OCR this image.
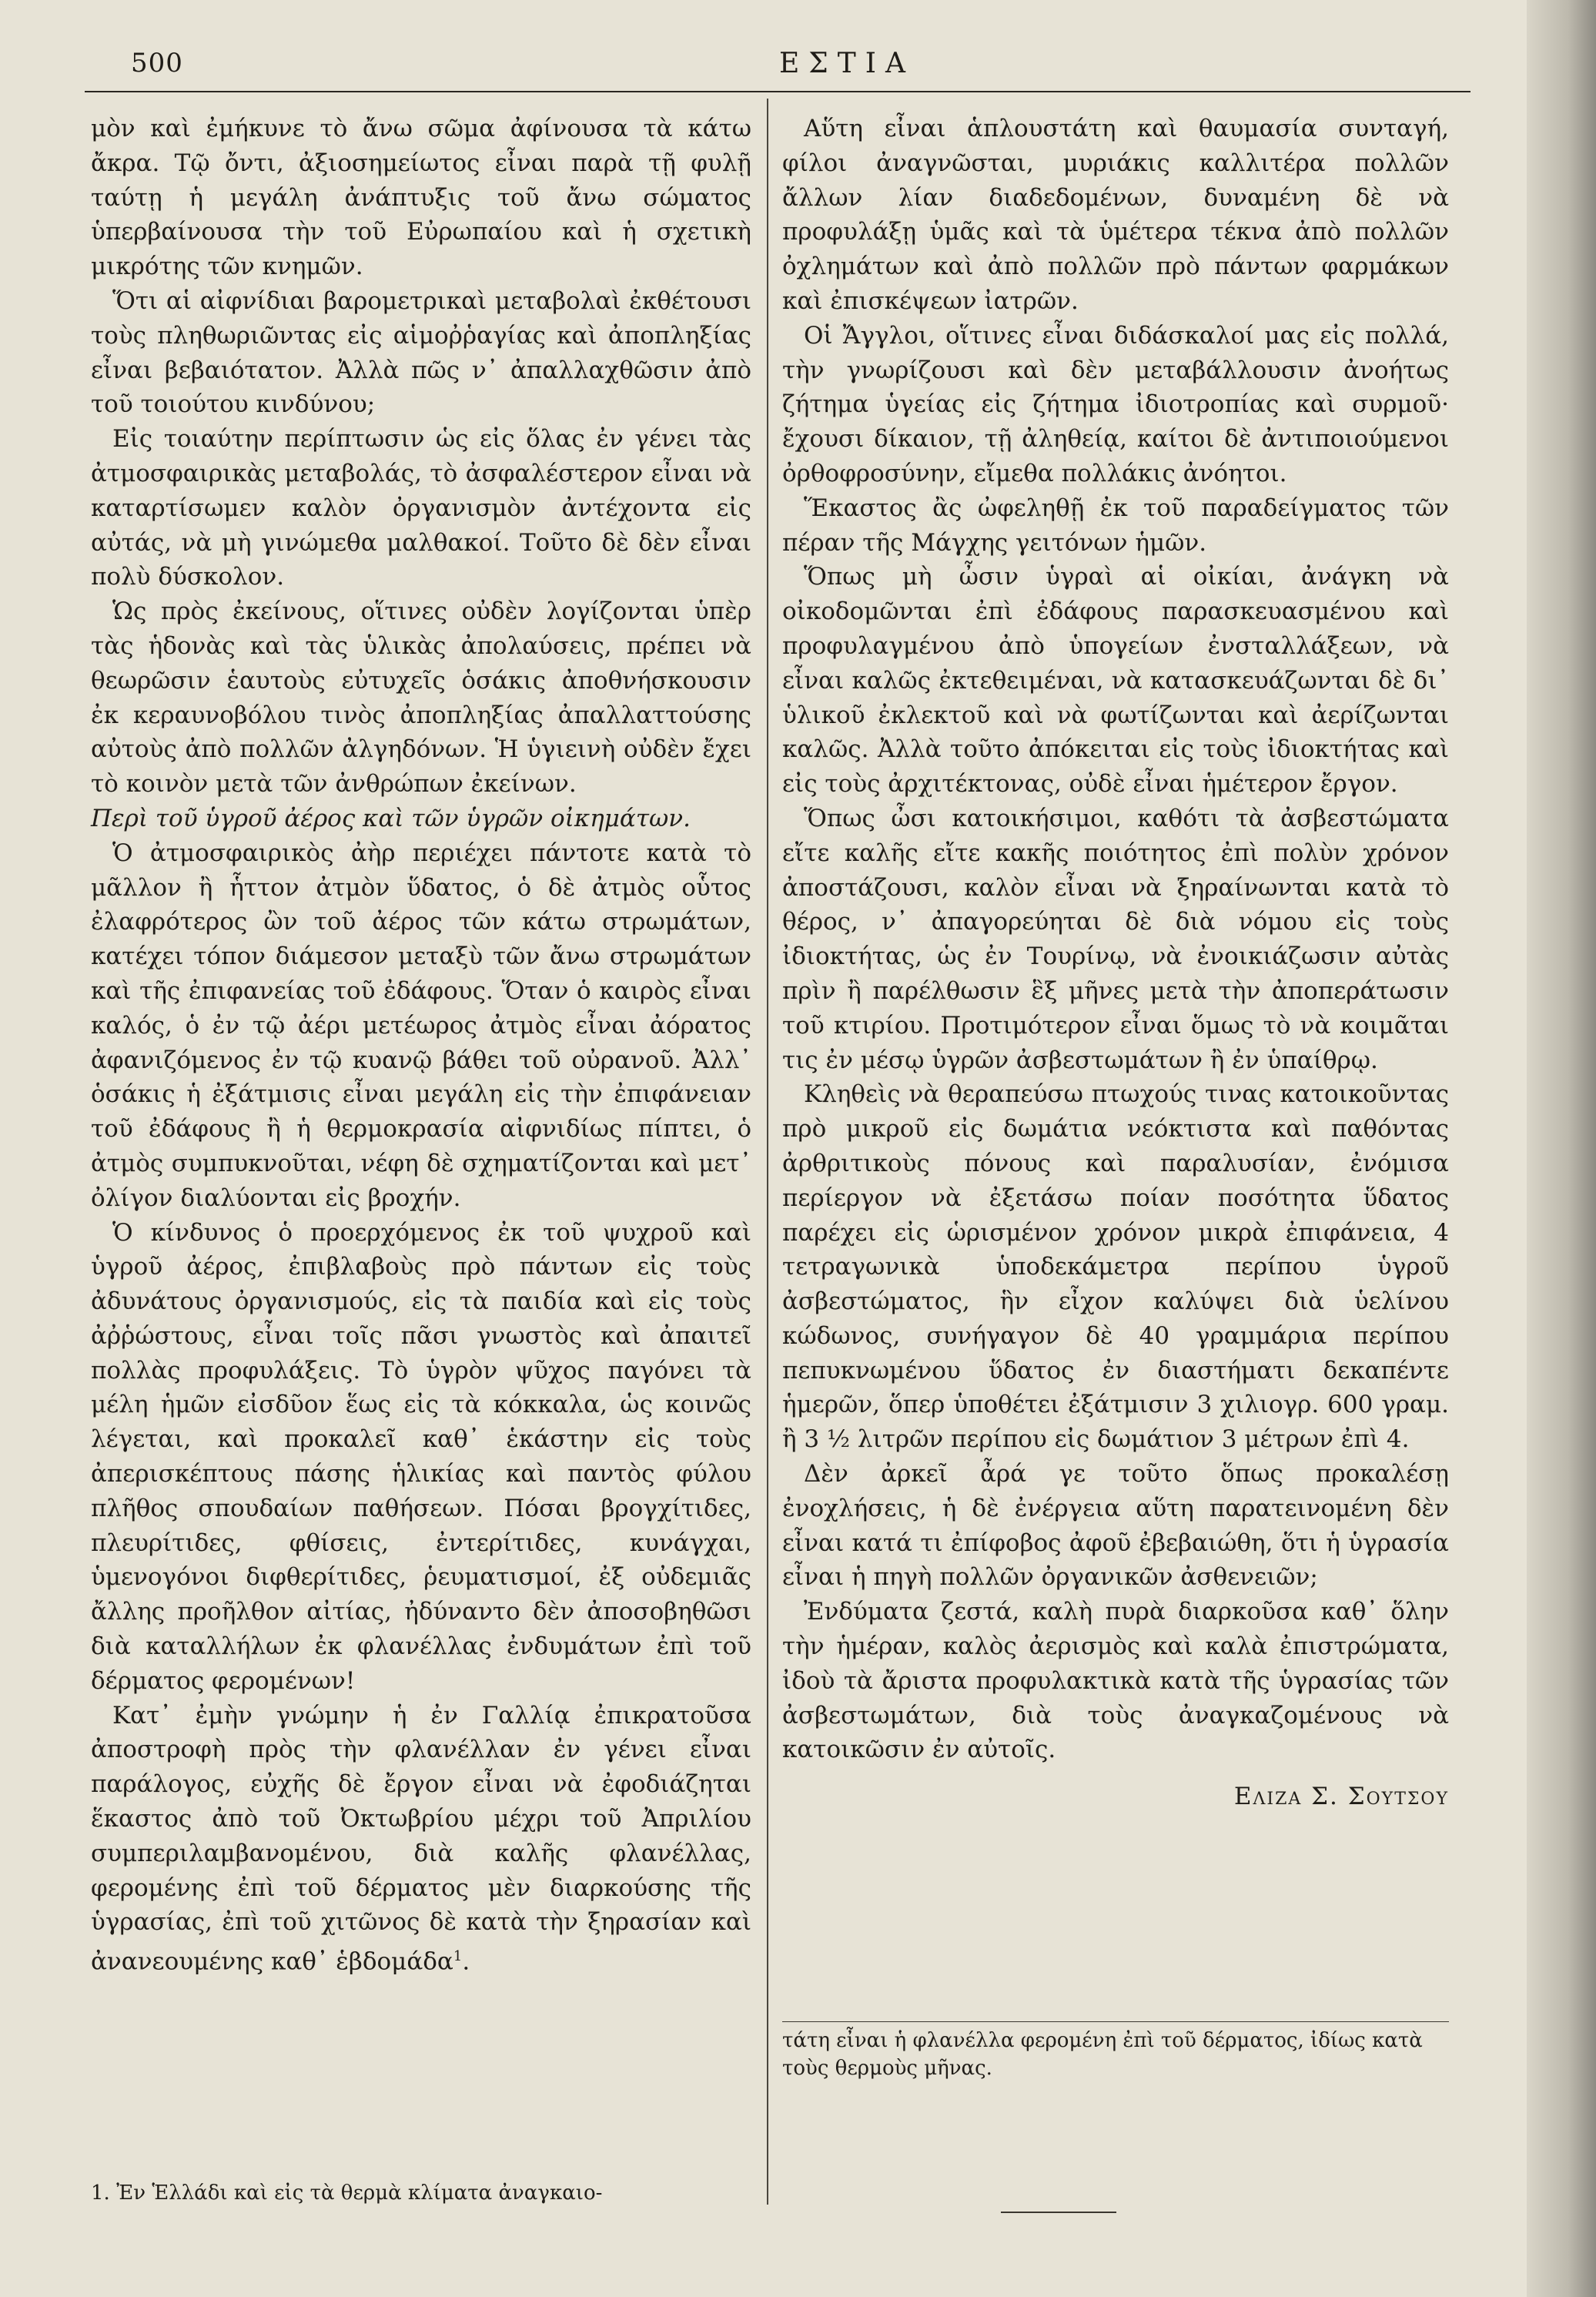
500	ΕΣΤΙΑ

μὸν καὶ ἐμήκυνε τὸ ἄνω σῶμα ἀφίνουσα τὰ κάτω ἄκρα. Τῷ ὄντι, ἀξιοσημείωτος εἶναι παρὰ τῇ φυλῇ ταύτῃ ἡ μεγάλη ἀνάπτυξις τοῦ ἄνω σώματος ὑπερβαίνουσα τὴν τοῦ Εὐρωπαίου καὶ ἡ σχετικὴ μικρότης τῶν κνημῶν.

Ὅτι αἱ αἰφνίδιαι βαρομετρικαὶ μεταβολαὶ ἐκθέτουσι τοὺς πληθωριῶντας εἰς αἱμοῤῥαγίας καὶ ἀποπληξίας εἶναι βεβαιότατον. Ἀλλὰ πῶς ν᾿ ἀπαλλαχθῶσιν ἀπὸ τοῦ τοιούτου κινδύνου;

Εἰς τοιαύτην περίπτωσιν ὡς εἰς ὅλας ἐν γένει τὰς ἀτμοσφαιρικὰς μεταβολάς, τὸ ἀσφαλέστερον εἶναι νὰ καταρτίσωμεν καλὸν ὀργανισμὸν ἀντέχοντα εἰς αὐτάς, νὰ μὴ γινώμεθα μαλθακοί. Τοῦτο δὲ δὲν εἶναι πολὺ δύσκολον.

Ὡς πρὸς ἐκείνους, οἵτινες οὐδὲν λογίζονται ὑπὲρ τὰς ἡδονὰς καὶ τὰς ὑλικὰς ἀπολαύσεις, πρέπει νὰ θεωρῶσιν ἑαυτοὺς εὐτυχεῖς ὁσάκις ἀποθνήσκουσιν ἐκ κεραυνοβόλου τινὸς ἀποπληξίας ἀπαλλαττούσης αὐτοὺς ἀπὸ πολλῶν ἀλγηδόνων. Ἡ ὑγιεινὴ οὐδὲν ἔχει τὸ κοινὸν μετὰ τῶν ἀνθρώπων ἐκείνων.

Περὶ τοῦ ὑγροῦ ἀέρος καὶ τῶν ὑγρῶν οἰκημάτων.

Ὁ ἀτμοσφαιρικὸς ἀὴρ περιέχει πάντοτε κατὰ τὸ μᾶλλον ἢ ἧττον ἀτμὸν ὕδατος, ὁ δὲ ἀτμὸς οὗτος ἐλαφρότερος ὢν τοῦ ἀέρος τῶν κάτω στρωμάτων, κατέχει τόπον διάμεσον μεταξὺ τῶν ἄνω στρωμάτων καὶ τῆς ἐπιφανείας τοῦ ἐδάφους. Ὅταν ὁ καιρὸς εἶναι καλός, ὁ ἐν τῷ ἀέρι μετέωρος ἀτμὸς εἶναι ἀόρατος ἀφανιζόμενος ἐν τῷ κυανῷ βάθει τοῦ οὐρανοῦ. Ἀλλ᾿ ὁσάκις ἡ ἐξάτμισις εἶναι μεγάλη εἰς τὴν ἐπιφάνειαν τοῦ ἐδάφους ἢ ἡ θερμοκρασία αἰφνιδίως πίπτει, ὁ ἀτμὸς συμπυκνοῦται, νέφη δὲ σχηματίζονται καὶ μετ᾿ ὀλίγον διαλύονται εἰς βροχήν.

Ὁ κίνδυνος ὁ προερχόμενος ἐκ τοῦ ψυχροῦ καὶ ὑγροῦ ἀέρος, ἐπιβλαβοὺς πρὸ πάντων εἰς τοὺς ἀδυνάτους ὀργανισμούς, εἰς τὰ παιδία καὶ εἰς τοὺς ἀῤῥώστους, εἶναι τοῖς πᾶσι γνωστὸς καὶ ἀπαιτεῖ πολλὰς προφυλάξεις. Τὸ ὑγρὸν ψῦχος παγόνει τὰ μέλη ἡμῶν εἰσδῦον ἕως εἰς τὰ κόκκαλα, ὡς κοινῶς λέγεται, καὶ προκαλεῖ καθ᾿ ἑκάστην εἰς τοὺς ἀπερισκέπτους πάσης ἡλικίας καὶ παντὸς φύλου πλῆθος σπουδαίων παθήσεων. Πόσαι βρογχίτιδες, πλευρίτιδες, φθίσεις, ἐντερίτιδες, κυνάγχαι, ὑμενογόνοι διφθερίτιδες, ῥευματισμοί, ἐξ οὐδεμιᾶς ἄλλης προῆλθον αἰτίας, ἠδύναντο δὲν ἀποσοβηθῶσι διὰ καταλλήλων ἐκ φλανέλλας ἐνδυμάτων ἐπὶ τοῦ δέρματος φερομένων!

Κατ᾿ ἐμὴν γνώμην ἡ ἐν Γαλλίᾳ ἐπικρατοῦσα ἀποστροφὴ πρὸς τὴν φλανέλλαν ἐν γένει εἶναι παράλογος, εὐχῆς δὲ ἔργον εἶναι νὰ ἐφοδιάζηται ἕκαστος ἀπὸ τοῦ Ὀκτωβρίου μέχρι τοῦ Ἀπριλίου συμπεριλαμβανομένου, διὰ καλῆς φλανέλλας, φερομένης ἐπὶ τοῦ δέρματος μὲν διαρκούσης τῆς ὑγρασίας, ἐπὶ τοῦ χιτῶνος δὲ κατὰ τὴν ξηρασίαν καὶ ἀνανεουμένης καθ᾿ ἑβδομάδα$^1$.

1. Ἐν Ἑλλάδι καὶ εἰς τὰ θερμὰ κλίματα ἀναγκαιο-

Αὕτη εἶναι ἁπλουστάτη καὶ θαυμασία συνταγή, φίλοι ἀναγνῶσται, μυριάκις καλλιτέρα πολλῶν ἄλλων λίαν διαδεδομένων, δυναμένη δὲ νὰ προφυλάξῃ ὑμᾶς καὶ τὰ ὑμέτερα τέκνα ἀπὸ πολλῶν ὀχλημάτων καὶ ἀπὸ πολλῶν πρὸ πάντων φαρμάκων καὶ ἐπισκέψεων ἰατρῶν.

Οἱ Ἄγγλοι, οἵτινες εἶναι διδάσκαλοί μας εἰς πολλά, τὴν γνωρίζουσι καὶ δὲν μεταβάλλουσιν ἀνοήτως ζήτημα ὑγείας εἰς ζήτημα ἰδιοτροπίας καὶ συρμοῦ· ἔχουσι δίκαιον, τῇ ἀληθείᾳ, καίτοι δὲ ἀντιποιούμενοι ὀρθοφροσύνην, εἴμεθα πολλάκις ἀνόητοι.

Ἕκαστος ἂς ὠφεληθῇ ἐκ τοῦ παραδείγματος τῶν πέραν τῆς Μάγχης γειτόνων ἡμῶν.

Ὅπως μὴ ὦσιν ὑγραὶ αἱ οἰκίαι, ἀνάγκη νὰ οἰκοδομῶνται ἐπὶ ἐδάφους παρασκευασμένου καὶ προφυλαγμένου ἀπὸ ὑπογείων ἐνσταλλάξεων, νὰ εἶναι καλῶς ἐκτεθειμέναι, νὰ κατασκευάζωνται δὲ δι᾿ ὑλικοῦ ἐκλεκτοῦ καὶ νὰ φωτίζωνται καὶ ἀερίζωνται καλῶς. Ἀλλὰ τοῦτο ἀπόκειται εἰς τοὺς ἰδιοκτήτας καὶ εἰς τοὺς ἀρχιτέκτονας, οὐδὲ εἶναι ἡμέτερον ἔργον.

Ὅπως ὦσι κατοικήσιμοι, καθότι τὰ ἀσβεστώματα εἴτε καλῆς εἴτε κακῆς ποιότητος ἐπὶ πολὺν χρόνον ἀποστάζουσι, καλὸν εἶναι νὰ ξηραίνωνται κατὰ τὸ θέρος, ν᾿ ἀπαγορεύηται δὲ διὰ νόμου εἰς τοὺς ἰδιοκτήτας, ὡς ἐν Τουρίνῳ, νὰ ἐνοικιάζωσιν αὐτὰς πρὶν ἢ παρέλθωσιν ἓξ μῆνες μετὰ τὴν ἀποπεράτωσιν τοῦ κτιρίου. Προτιμότερον εἶναι ὅμως τὸ νὰ κοιμᾶται τις ἐν μέσῳ ὑγρῶν ἀσβεστωμάτων ἢ ἐν ὑπαίθρῳ.

Κληθεὶς νὰ θεραπεύσω πτωχούς τινας κατοικοῦντας πρὸ μικροῦ εἰς δωμάτια νεόκτιστα καὶ παθόντας ἀρθριτικοὺς πόνους καὶ παραλυσίαν, ἐνόμισα περίεργον νὰ ἐξετάσω ποίαν ποσότητα ὕδατος παρέχει εἰς ὡρισμένον χρόνον μικρὰ ἐπιφάνεια, 4 τετραγωνικὰ ὑποδεκάμετρα περίπου ὑγροῦ ἀσβεστώματος, ἣν εἶχον καλύψει διὰ ὑελίνου κώδωνος, συνήγαγον δὲ 40 γραμμάρια περίπου πεπυκνωμένου ὕδατος ἐν διαστήματι δεκαπέντε ἡμερῶν, ὅπερ ὑποθέτει ἐξάτμισιν 3 χιλιογρ. 600 γραμ. ἢ 3 ½ λιτρῶν περίπου εἰς δωμάτιον 3 μέτρων ἐπὶ 4.

Δὲν ἀρκεῖ ἆρά γε τοῦτο ὅπως προκαλέσῃ ἐνοχλήσεις, ἡ δὲ ἐνέργεια αὕτη παρατεινομένη δὲν εἶναι κατά τι ἐπίφοβος ἀφοῦ ἐβεβαιώθη, ὅτι ἡ ὑγρασία εἶναι ἡ πηγὴ πολλῶν ὀργανικῶν ἀσθενειῶν;

Ἐνδύματα ζεστά, καλὴ πυρὰ διαρκοῦσα καθ᾿ ὅλην τὴν ἡμέραν, καλὸς ἀερισμὸς καὶ καλὰ ἐπιστρώματα, ἰδοὺ τὰ ἄριστα προφυλακτικὰ κατὰ τῆς ὑγρασίας τῶν ἀσβεστωμάτων, διὰ τοὺς ἀναγκαζομένους νὰ κατοικῶσιν ἐν αὐτοῖς.

Ελιζα Σ. Σουτσου

τάτη εἶναι ἡ φλανέλλα φερομένη ἐπὶ τοῦ δέρματος, ἰδίως κατὰ τοὺς θερμοὺς μῆνας.
